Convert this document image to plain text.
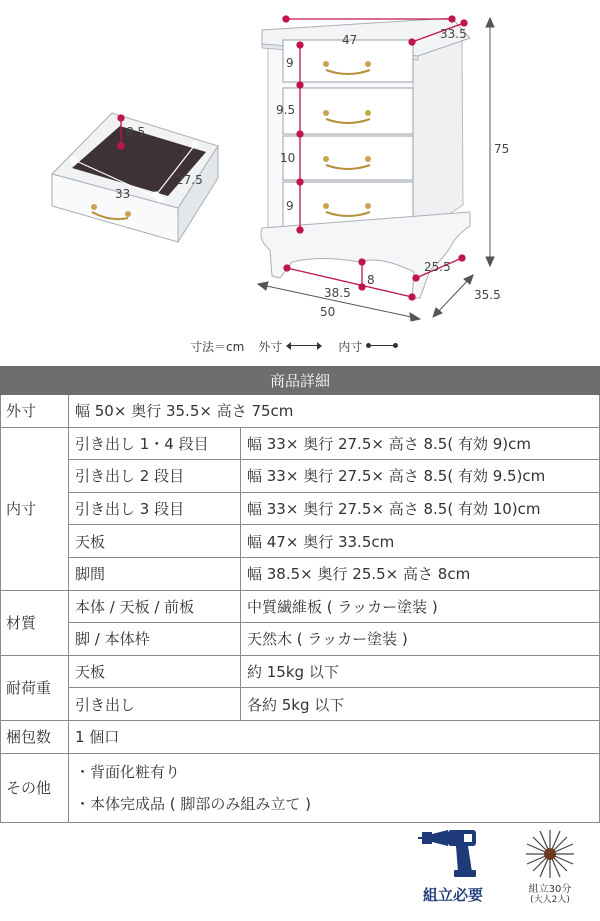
47	33.5
75
9
9.5
10
9
38.5
8
25.5
50
35.5
33
27.5
8.5
寸法＝cm 外寸	内寸
商品詳細		
外寸	幅 50× 奥行 35.5× 高さ 75cm	
内寸	引き出し 1・4 段目	幅 33× 奥行 27.5× 高さ 8.5( 有効 9)cm
	引き出し 2 段目	幅 33× 奥行 27.5× 高さ 8.5( 有効 9.5)cm
	引き出し 3 段目	幅 33× 奥行 27.5× 高さ 8.5( 有効 10)cm
	天板	幅 47× 奥行 33.5cm
	脚間	幅 38.5× 奥行 25.5× 高さ 8cm
材質	本体 / 天板 / 前板	中質繊維板 ( ラッカー塗装 )
	脚 / 本体枠	天然木 ( ラッカー塗装 )
耐荷重	天板	約 15kg 以下
	引き出し	各約 5kg 以下
梱包数	1 個口	
その他	・背面化粧有り
・本体完成品 ( 脚部のみ組み立て )	
組立必要	組立30分
(大人2人)
